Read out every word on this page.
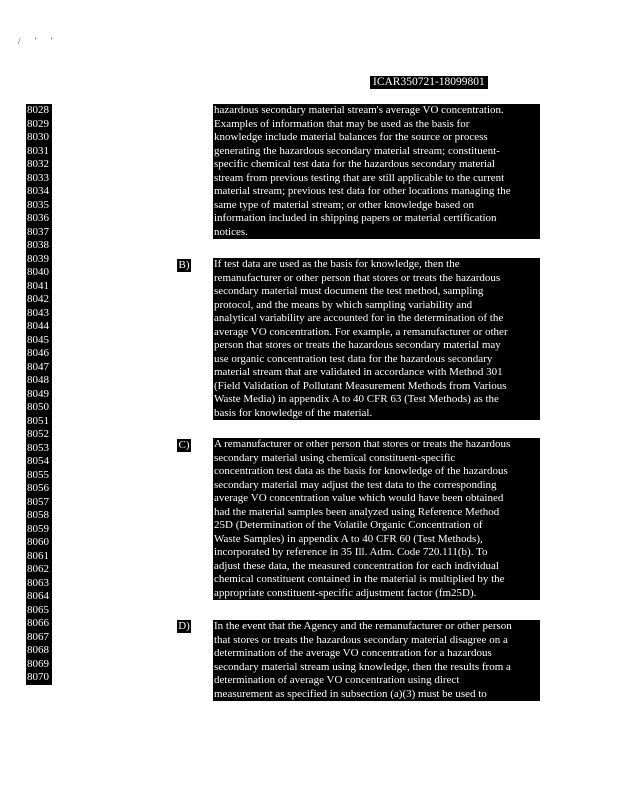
/ ' '
ICAR350721-18099801
8028
8029
8030
8031
8032
8033
8034
8035
8036
8037
8038
8039
8040
8041
8042
8043
8044
8045
8046
8047
8048
8049
8050
8051
8052
8053
8054
8055
8056
8057
8058
8059
8060
8061
8062
8063
8064
8065
8066
8067
8068
8069
8070
hazardous secondary material stream's average VO concentration.
Examples of information that may be used as the basis for
knowledge include material balances for the source or process
generating the hazardous secondary material stream; constituent-
specific chemical test data for the hazardous secondary material
stream from previous testing that are still applicable to the current
material stream; previous test data for other locations managing the
same type of material stream; or other knowledge based on
information included in shipping papers or material certification
notices.
B) If test data are used as the basis for knowledge, then the
remanufacturer or other person that stores or treats the hazardous
secondary material must document the test method, sampling
protocol, and the means by which sampling variability and
analytical variability are accounted for in the determination of the
average VO concentration. For example, a remanufacturer or other
person that stores or treats the hazardous secondary material may
use organic concentration test data for the hazardous secondary
material stream that are validated in accordance with Method 301
(Field Validation of Pollutant Measurement Methods from Various
Waste Media) in appendix A to 40 CFR 63 (Test Methods) as the
basis for knowledge of the material.
C) A remanufacturer or other person that stores or treats the hazardous
secondary material using chemical constituent-specific
concentration test data as the basis for knowledge of the hazardous
secondary material may adjust the test data to the corresponding
average VO concentration value which would have been obtained
had the material samples been analyzed using Reference Method
25D (Determination of the Volatile Organic Concentration of
Waste Samples) in appendix A to 40 CFR 60 (Test Methods),
incorporated by reference in 35 Ill. Adm. Code 720.111(b). To
adjust these data, the measured concentration for each individual
chemical constituent contained in the material is multiplied by the
appropriate constituent-specific adjustment factor (fm25D).
D) In the event that the Agency and the remanufacturer or other person
that stores or treats the hazardous secondary material disagree on a
determination of the average VO concentration for a hazardous
secondary material stream using knowledge, then the results from a
determination of average VO concentration using direct
measurement as specified in subsection (a)(3) must be used to
